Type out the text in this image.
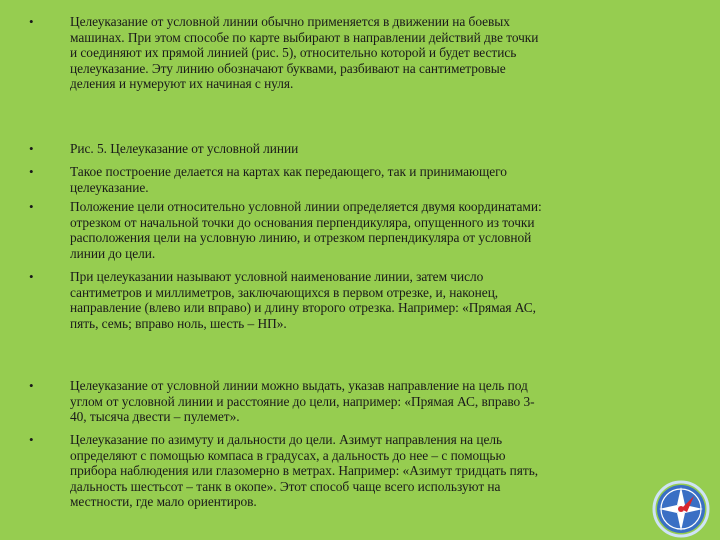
•	Целеуказание от условной линии обычно применяется в движении на боевых
машинах. При этом способе по карте выбирают в направлении действий две точки
и соединяют их прямой линией (рис. 5), относительно которой и будет вестись
целеуказание. Эту линию обозначают буквами, разбивают на сантиметровые
деления и нумеруют их начиная с нуля.
•	Рис. 5. Целеуказание от условной линии
•	Такое построение делается на картах как передающего, так и принимающего
целеуказание.
•	Положение цели относительно условной линии определяется двумя координатами:
отрезком от начальной точки до основания перпендикуляра, опущенного из точки
расположения цели на условную линию, и отрезком перпендикуляра от условной
линии до цели.
•	При целеуказании называют условной наименование линии, затем число
сантиметров и миллиметров, заключающихся в первом отрезке, и, наконец,
направление (влево или вправо) и длину второго отрезка. Например: «Прямая АС,
пять, семь; вправо ноль, шесть – НП».
•	Целеуказание от условной линии можно выдать, указав направление на цель под
углом от условной линии и расстояние до цели, например: «Прямая АС, вправо 3-
40, тысяча двести – пулемет».
•	Целеуказание по азимуту и дальности до цели. Азимут направления на цель
определяют с помощью компаса в градусах, а дальность до нее – с помощью
прибора наблюдения или глазомерно в метрах. Например: «Азимут тридцать пять,
дальность шестьсот – танк в окопе». Этот способ чаще всего используют на
местности, где мало ориентиров.
